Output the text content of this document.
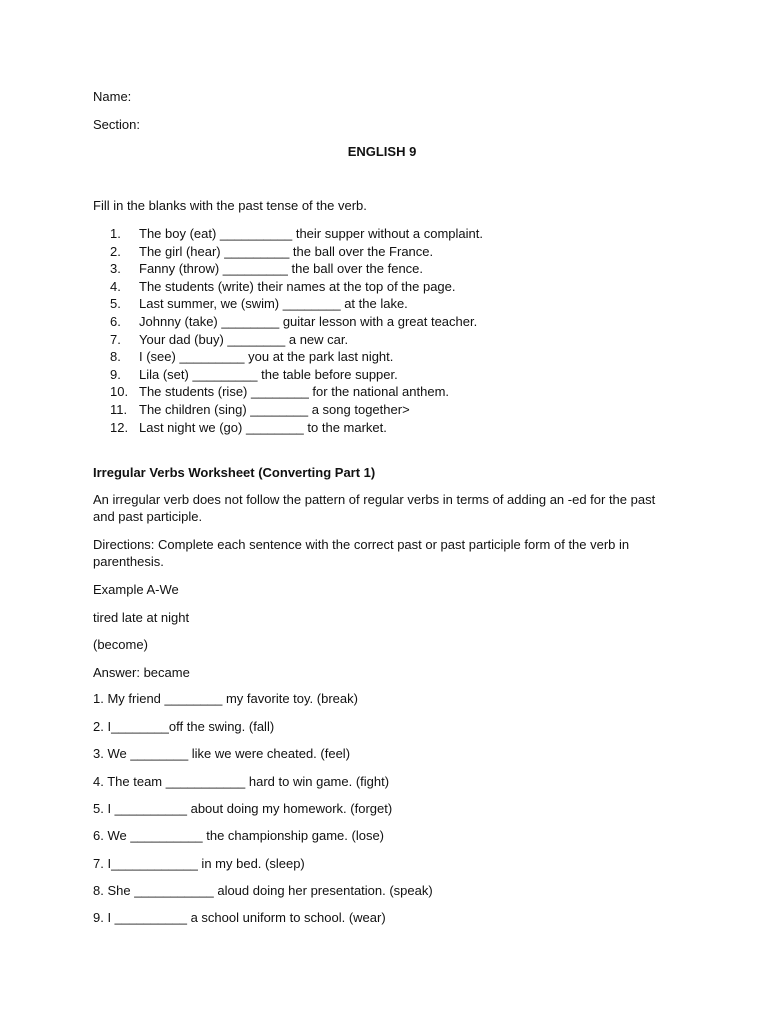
Name:

Section:

ENGLISH 9

Fill in the blanks with the past tense of the verb.

1. The boy (eat) __________ their supper without a complaint.
2. The girl (hear) _________ the ball over the France.
3. Fanny (throw) _________ the ball over the fence.
4. The students (write) their names at the top of the page.
5. Last summer, we (swim) ________ at the lake.
6. Johnny (take) ________ guitar lesson with a great teacher.
7. Your dad (buy) ________ a new car.
8. I (see) _________ you at the park last night.
9. Lila (set) _________ the table before supper.
10. The students (rise) ________ for the national anthem.
11. The children (sing) ________ a song together>
12. Last night we (go) ________ to the market.

Irregular Verbs Worksheet (Converting Part 1)

An irregular verb does not follow the pattern of regular verbs in terms of adding an -ed for the past and past participle.

Directions: Complete each sentence with the correct past or past participle form of the verb in parenthesis.

Example A-We

tired late at night

(become)

Answer: became

1. My friend ________ my favorite toy. (break)

2. I________off the swing. (fall)

3. We ________ like we were cheated. (feel)

4. The team ___________ hard to win game. (fight)

5. I __________ about doing my homework. (forget)

6. We __________ the championship game. (lose)

7. I____________ in my bed. (sleep)

8. She ___________ aloud doing her presentation. (speak)

9. I __________ a school uniform to school. (wear)
